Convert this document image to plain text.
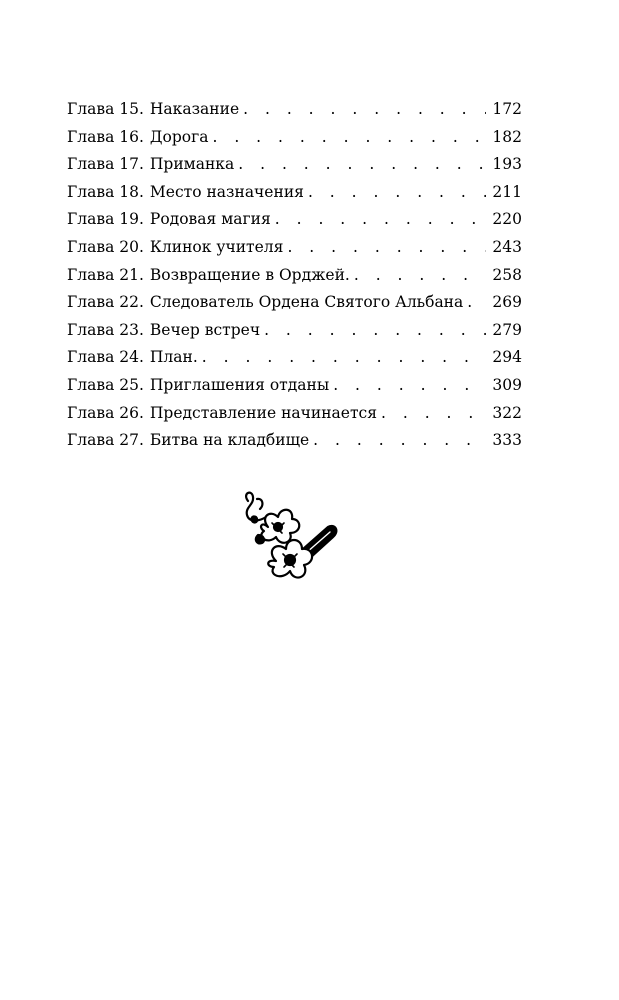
Глава 15. Наказание . . .	172
Глава 16. Дорога . . .	182
Глава 17. Приманка . . .	193
Глава 18. Место назначения . . .	211
Глава 19. Родовая магия . . .	220
Глава 20. Клинок учителя . . .	243
Глава 21. Возвращение в Орджей. . . .	258
Глава 22. Следователь Ордена Святого Альбана . . . 269
Глава 23. Вечер встреч . . .	279
Глава 24. План. . . .	294
Глава 25. Приглашения отданы . . .	309
Глава 26. Представление начинается . . .	322
Глава 27. Битва на кладбище . . .	333
